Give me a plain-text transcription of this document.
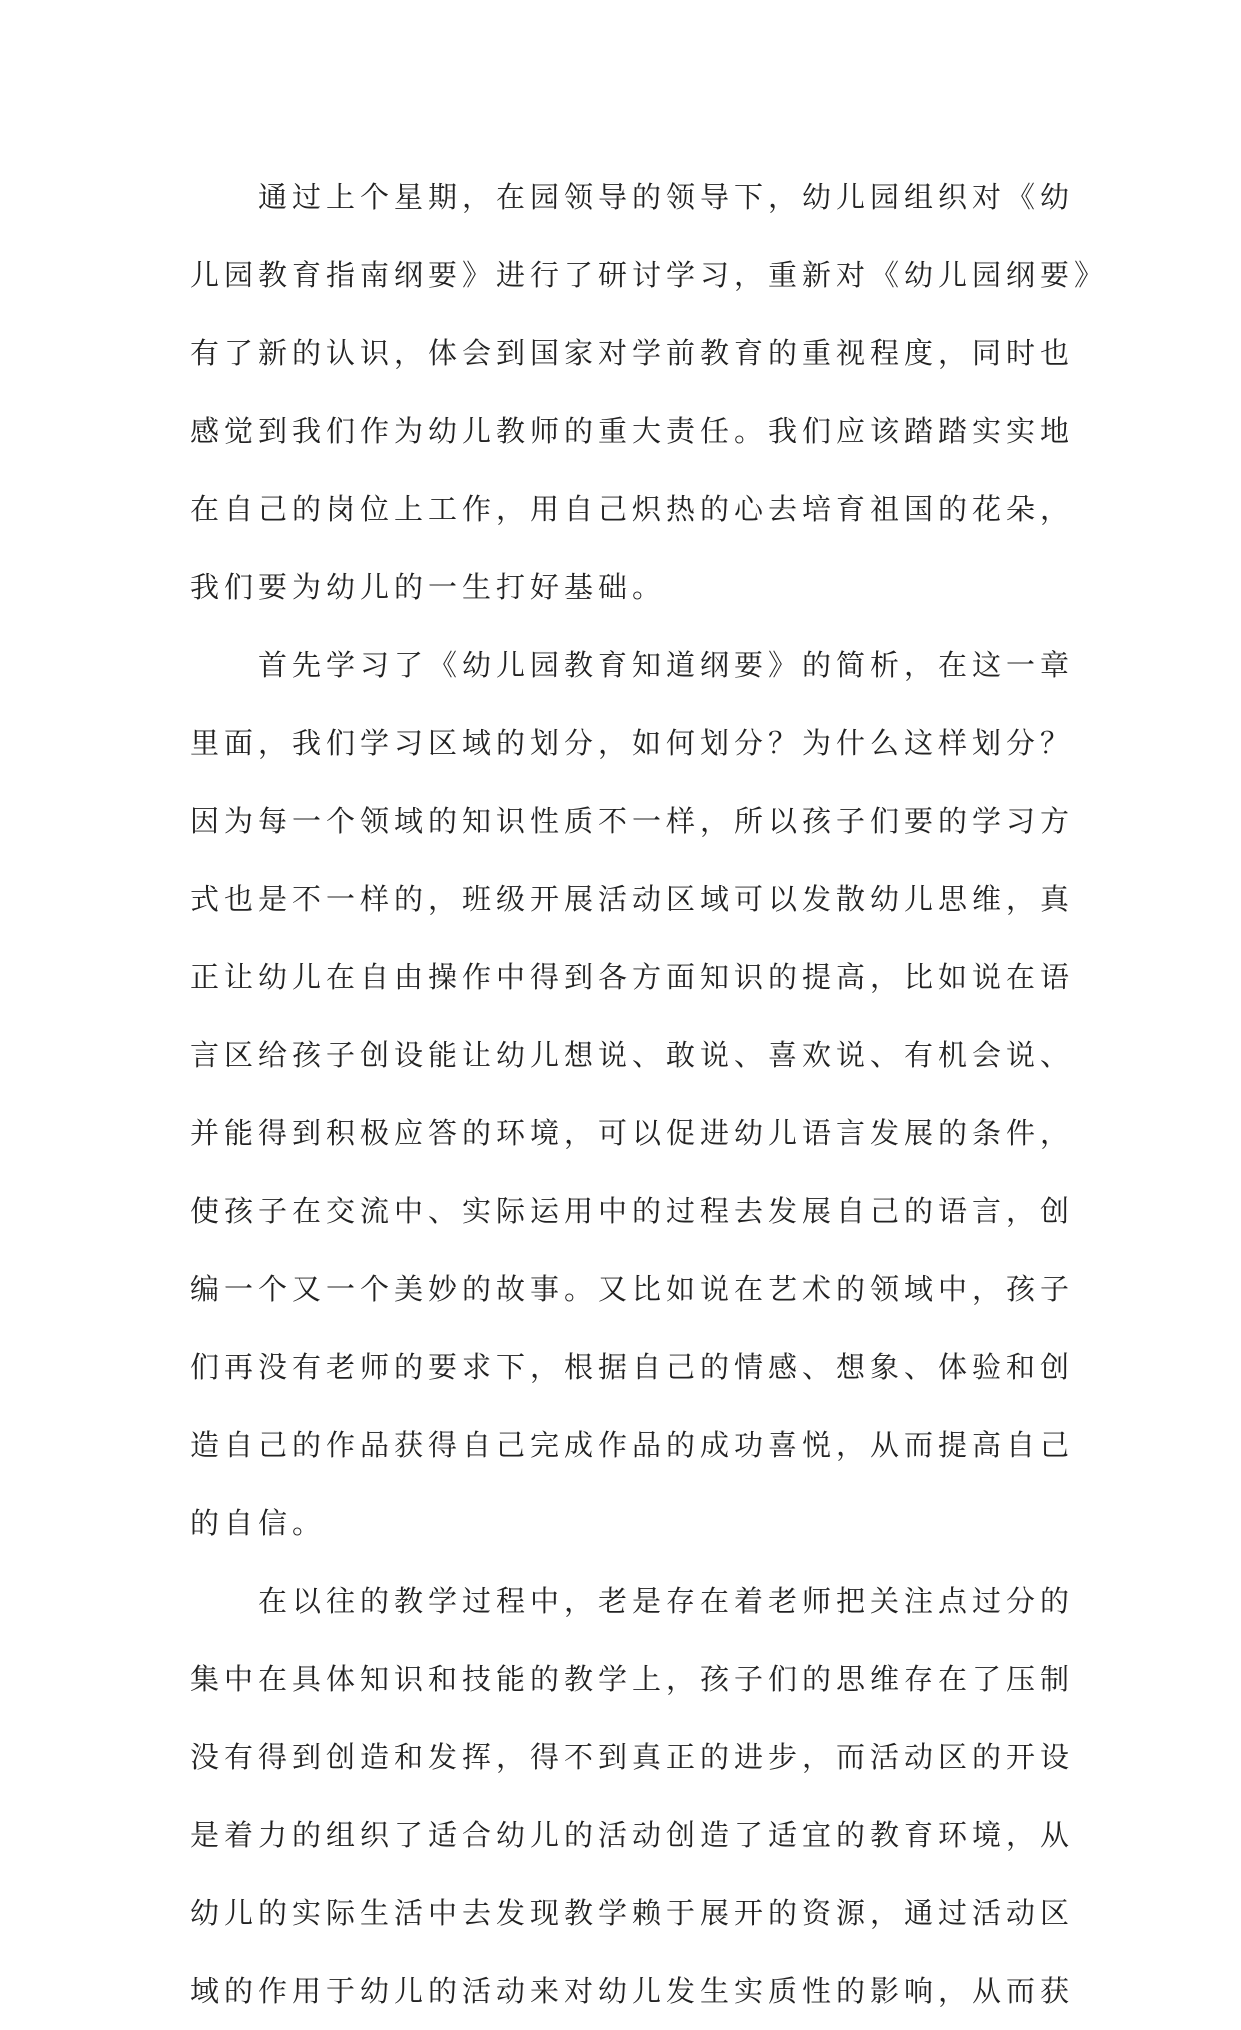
　　通过上个星期，在园领导的领导下，幼儿园组织对《幼
儿园教育指南纲要》进行了研讨学习，重新对《幼儿园纲要》
有了新的认识，体会到国家对学前教育的重视程度，同时也
感觉到我们作为幼儿教师的重大责任。我们应该踏踏实实地
在自己的岗位上工作，用自己炽热的心去培育祖国的花朵，
我们要为幼儿的一生打好基础。
　　首先学习了《幼儿园教育知道纲要》的简析，在这一章
里面，我们学习区域的划分，如何划分？为什么这样划分？
因为每一个领域的知识性质不一样，所以孩子们要的学习方
式也是不一样的，班级开展活动区域可以发散幼儿思维，真
正让幼儿在自由操作中得到各方面知识的提高，比如说在语
言区给孩子创设能让幼儿想说、敢说、喜欢说、有机会说、
并能得到积极应答的环境，可以促进幼儿语言发展的条件，
使孩子在交流中、实际运用中的过程去发展自己的语言，创
编一个又一个美妙的故事。又比如说在艺术的领域中，孩子
们再没有老师的要求下，根据自己的情感、想象、体验和创
造自己的作品获得自己完成作品的成功喜悦，从而提高自己
的自信。
　　在以往的教学过程中，老是存在着老师把关注点过分的
集中在具体知识和技能的教学上，孩子们的思维存在了压制
没有得到创造和发挥，得不到真正的进步，而活动区的开设
是着力的组织了适合幼儿的活动创造了适宜的教育环境，从
幼儿的实际生活中去发现教学赖于展开的资源，通过活动区
域的作用于幼儿的活动来对幼儿发生实质性的影响，从而获
